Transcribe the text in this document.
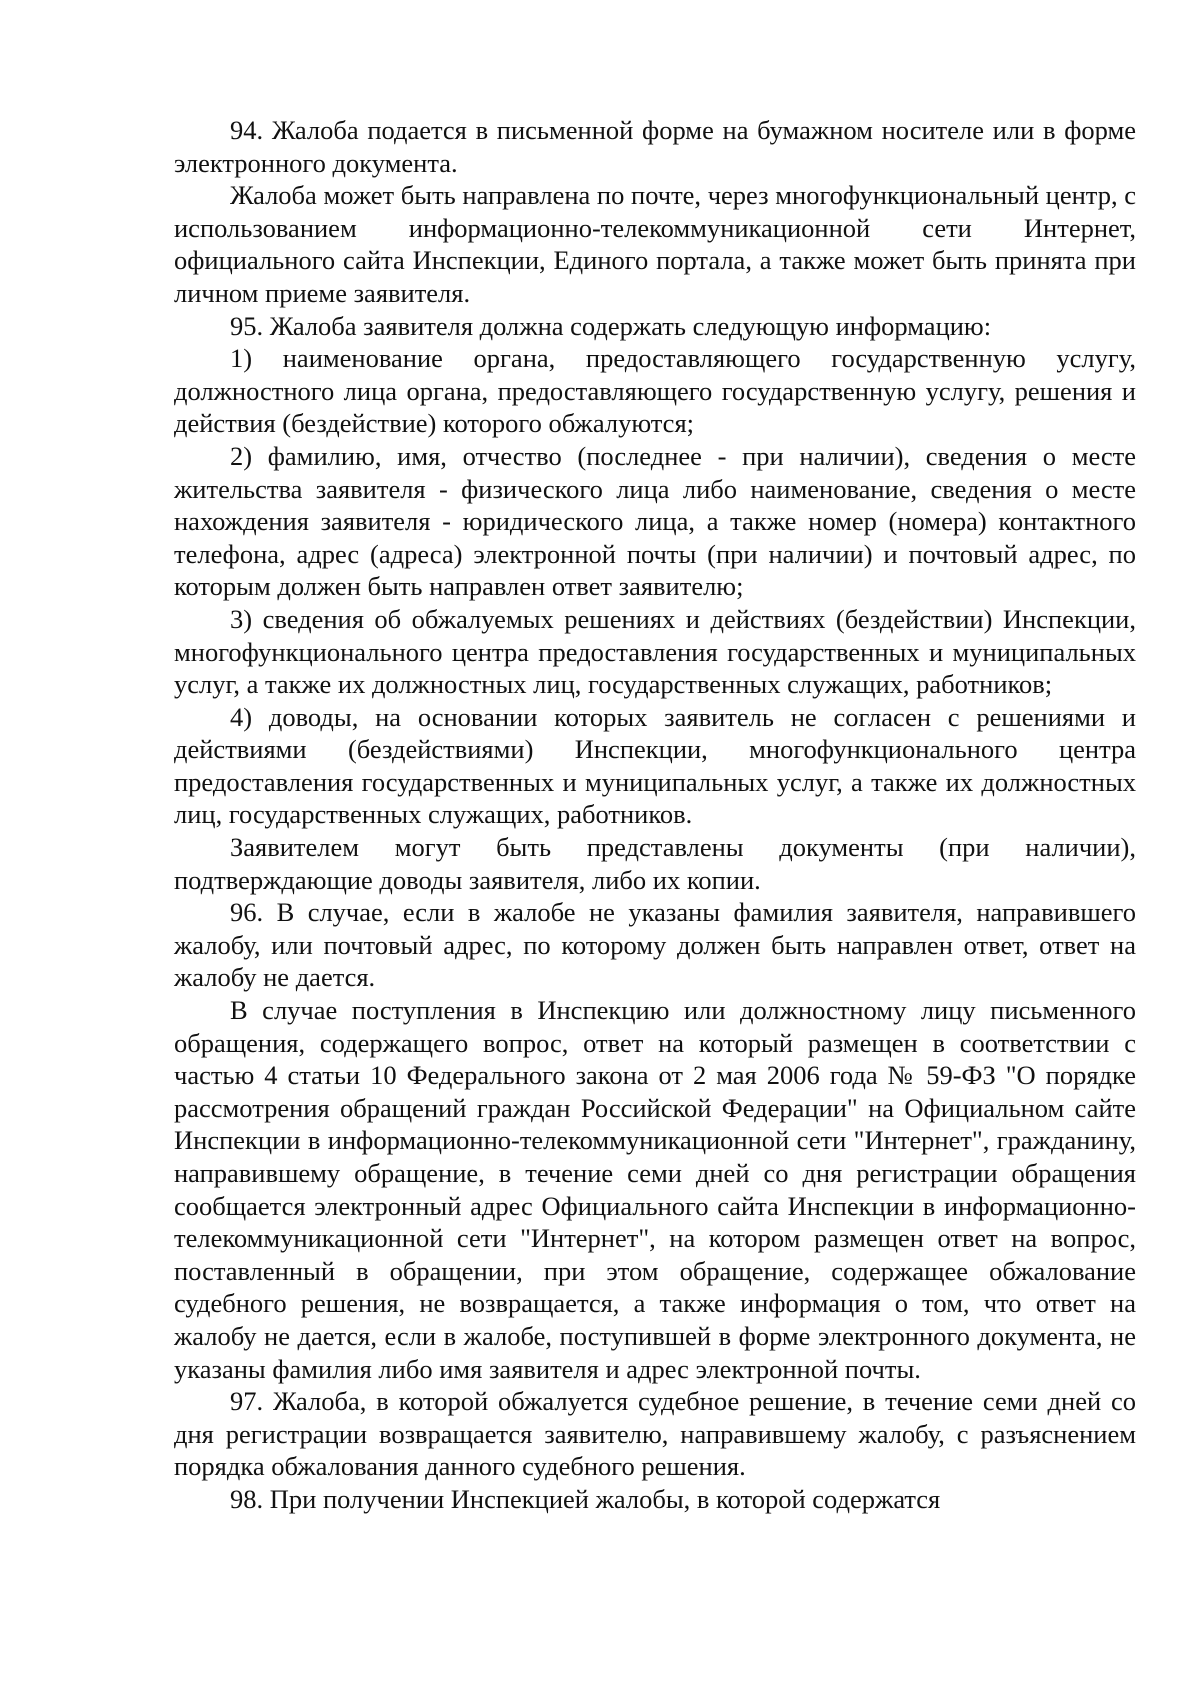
94. Жалоба подается в письменной форме на бумажном носителе или в форме электронного документа.

Жалоба может быть направлена по почте, через многофункциональный центр, с использованием информационно-телекоммуникационной сети Интернет, официального сайта Инспекции, Единого портала, а также может быть принята при личном приеме заявителя.

95. Жалоба заявителя должна содержать следующую информацию:

1) наименование органа, предоставляющего государственную услугу, должностного лица органа, предоставляющего государственную услугу, решения и действия (бездействие) которого обжалуются;

2) фамилию, имя, отчество (последнее - при наличии), сведения о месте жительства заявителя - физического лица либо наименование, сведения о месте нахождения заявителя - юридического лица, а также номер (номера) контактного телефона, адрес (адреса) электронной почты (при наличии) и почтовый адрес, по которым должен быть направлен ответ заявителю;

3) сведения об обжалуемых решениях и действиях (бездействии) Инспекции, многофункционального центра предоставления государственных и муниципальных услуг, а также их должностных лиц, государственных служащих, работников;

4) доводы, на основании которых заявитель не согласен с решениями и действиями (бездействиями) Инспекции, многофункционального центра предоставления государственных и муниципальных услуг, а также их должностных лиц, государственных служащих, работников.

Заявителем могут быть представлены документы (при наличии), подтверждающие доводы заявителя, либо их копии.

96. В случае, если в жалобе не указаны фамилия заявителя, направившего жалобу, или почтовый адрес, по которому должен быть направлен ответ, ответ на жалобу не дается.

В случае поступления в Инспекцию или должностному лицу письменного обращения, содержащего вопрос, ответ на который размещен в соответствии с частью 4 статьи 10 Федерального закона от 2 мая 2006 года № 59-ФЗ "О порядке рассмотрения обращений граждан Российской Федерации" на Официальном сайте Инспекции в информационно-телекоммуникационной сети "Интернет", гражданину, направившему обращение, в течение семи дней со дня регистрации обращения сообщается электронный адрес Официального сайта Инспекции в информационно-телекоммуникационной сети "Интернет", на котором размещен ответ на вопрос, поставленный в обращении, при этом обращение, содержащее обжалование судебного решения, не возвращается, а также информация о том, что ответ на жалобу не дается, если в жалобе, поступившей в форме электронного документа, не указаны фамилия либо имя заявителя и адрес электронной почты.

97. Жалоба, в которой обжалуется судебное решение, в течение семи дней со дня регистрации возвращается заявителю, направившему жалобу, с разъяснением порядка обжалования данного судебного решения.

98. При получении Инспекцией жалобы, в которой содержатся
